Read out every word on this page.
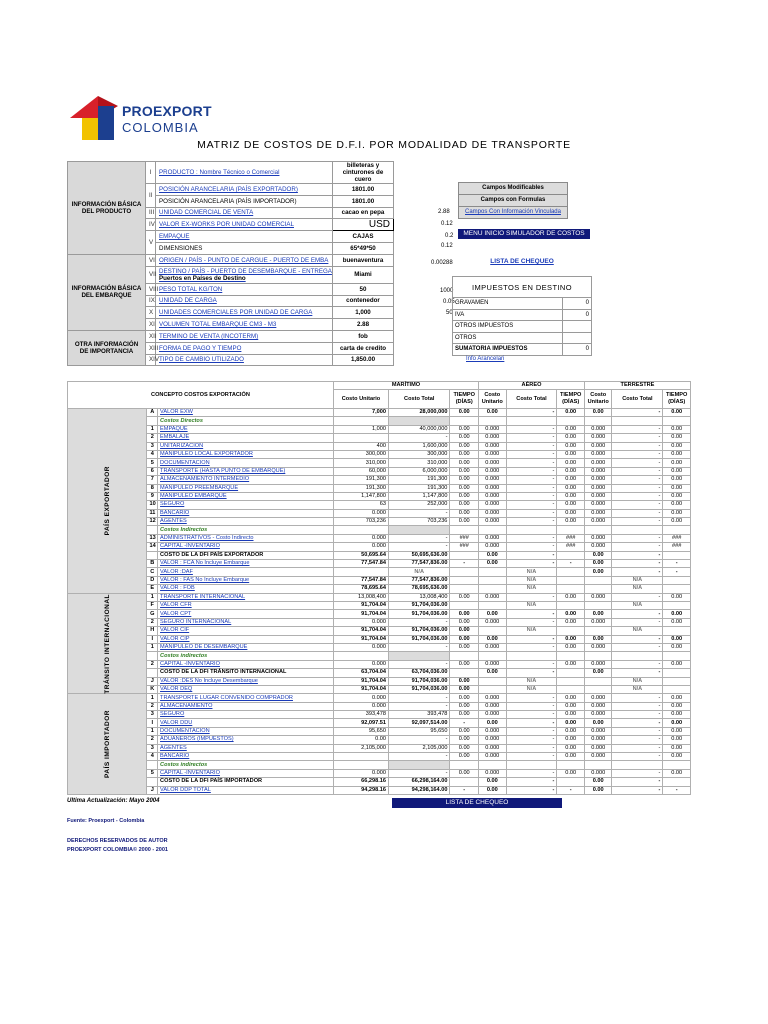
PROEXPORT
COLOMBIA
MATRIZ DE COSTOS DE D.F.I. POR MODALIDAD DE TRANSPORTE
INFORMACIÓN BÁSICA DEL PRODUCTO	I	PRODUCTO : Nombre Técnico o Comercial	billeteras y cinturones de cuero	
	II	POSICIÓN ARANCELARIA (PAÍS EXPORTADOR)	1801.00	
		POSICIÓN ARANCELARIA (PAÍS IMPORTADOR)	1801.00	
	III	UNIDAD COMERCIAL DE VENTA	cacao en pepa	
	IV	VALOR EX-WORKS POR UNIDAD COMERCIAL	USD	
	V	EMPAQUE	CAJAS	
		DIMENSIONES	65*49*50	
INFORMACIÓN BÁSICA DEL EMBARQUE	VI	ORIGEN / PAÍS - PUNTO DE CARGUE - PUERTO DE EMBA	buenaventura	
	VII	DESTINO / PAÍS - PUERTO DE DESEMBARQUE - ENTREGA
Puertos en Países de Destino	Miami	
	VIII	PESO TOTAL KG/TON	50	
	IX	UNIDAD DE CARGA	contenedor	
	X	UNIDADES COMERCIALES POR UNIDAD DE CARGA	1,000	
	XI	VOLUMEN TOTAL EMBARQUE CM3 - M3	2.88	
OTRA INFORMACIÓN DE IMPORTANCIA	XII	TERMINO DE VENTA (INCOTERM)	fob	
	XIII	FORMA DE PAGO Y TIEMPO	carta de credito	
	XIV	TIPO DE CAMBIO UTILIZADO	1,850.00	
Campos Modificables
Campos con Formulas
Campos Con Información Vinculada
2.88
0.12
0.2
0.12
MENU INICIO SIMULADOR DE COSTOS
0.00288	LISTA DE CHEQUEO
1000
0.05
50
IMPUESTOS EN DESTINO	
GRAVAMEN	0
IVA	0
OTROS IMPUESTOS	
OTROS	
SUMATORIA IMPUESTOS	0
Info Arancelari
CONCEPTO COSTOS EXPORTACIÓN			MARÍTIMO			AÉREO			TERRESTRE		
			Costo Unitario	Costo Total	TIEMPO (DÍAS)	Costo Unitario	Costo Total	TIEMPO (DÍAS)	Costo Unitario	Costo Total	TIEMPO (DÍAS)

PAÍS EXPORTADOR	A	VALOR EXW	7,000	28,000,000	0.00	0.00	-	0.00	0.00	-	0.00
		Costos Directos									
	1	EMPAQUE	1,000	40,000,000	0.00	0.000	-	0.00	0.000	-	0.00
	2	EMBALAJE		-	0.00	0.000	-	0.00	0.000	-	0.00
	3	UNITARIZACION	400	1,600,000	0.00	0.000	-	0.00	0.000	-	0.00
	4	MANIPULEO LOCAL EXPORTADOR	300,000	300,000	0.00	0.000	-	0.00	0.000	-	0.00
	5	DOCUMENTACION	310,000	310,000	0.00	0.000	-	0.00	0.000	-	0.00
	6	TRANSPORTE (HASTA PUNTO DE EMBARQUE)	60,000	6,000,000	0.00	0.000	-	0.00	0.000	-	0.00
	7	ALMACENAMIENTO INTERMEDIO	191,300	191,300	0.00	0.000	-	0.00	0.000	-	0.00
	8	MANIPULEO PREEMBARQUE	191,300	191,300	0.00	0.000	-	0.00	0.000	-	0.00
	9	MANIPULEO EMBARQUE	1,147,800	1,147,800	0.00	0.000	-	0.00	0.000	-	0.00
	10	SEGURO	63	252,000	0.00	0.000	-	0.00	0.000	-	0.00
	11	BANCARIO	0.000	-	0.00	0.000	-	0.00	0.000	-	0.00
	12	AGENTES	703,236	703,236	0.00	0.000	-	0.00	0.000	-	0.00
		Costos Indirectos									
	13	ADMINISTRATIVOS - Costo Indirecto	0.000	-	###	0.000	-	###	0.000	-	###
	14	CAPITAL -INVENTARIO	0.000	-	###	0.000	-	###	0.000	-	###
		COSTO DE LA DFI PAÍS EXPORTADOR	50,695.64	50,695,636.00		0.00	-		0.00	-	
	B	VALOR : FCA No Incluye Embarque	77,547.84	77,547,836.00	-	0.00	-	-	0.00	-	-
	C	VALOR :DAF		N/A			N/A		0.00	-	-
	D	VALOR : FAS No Incluye Embarque	77,547.84	77,547,836.00			N/A			N/A	
	E	VALOR : FOB	78,695.64	78,695,636.00			N/A			N/A	

TRÁNSITO INTERNACIONAL	1	TRANSPORTE INTERNACIONAL	13,008,400	13,008,400	0.00	0.000	-	0.00	0.000	-	0.00
	F	VALOR CFR	91,704.04	91,704,036.00			N/A			N/A	
	G	VALOR CPT	91,704.04	91,704,036.00	0.00	0.00	-	0.00	0.00	-	0.00
	2	SEGURO INTERNACIONAL	0.000	-	0.00	0.000	-	0.00	0.000	-	0.00
	H	VALOR CIF	91,704.04	91,704,036.00	0.00		N/A			N/A	
	I	VALOR CIP	91,704.04	91,704,036.00	0.00	0.00	-	0.00	0.00	-	0.00
	1	MANIPULEO DE DESEMBARQUE	0.000	-	0.00	0.000	-	0.00	0.000	-	0.00
		Costos indirectos									
	2	CAPITAL -INVENTARIO	0.000	-	0.00	0.000	-	0.00	0.000	-	0.00
		COSTO DE LA DFI TRÁNSITO INTERNACIONAL	63,704.04	63,704,036.00		0.00	-		0.00	-	
	J	VALOR :DES No Incluye Desembarque	91,704.04	91,704,036.00	0.00		N/A			N/A	
	K	VALOR DEQ	91,704.04	91,704,036.00	0.00		N/A			N/A	

PAÍS IMPORTADOR	1	TRANSPORTE LUGAR CONVENIDO COMPRADOR	0.000	-	0.00	0.000	-	0.00	0.000	-	0.00
	2	ALMACENAMIENTO	0.000	-	0.00	0.000	-	0.00	0.000	-	0.00
	3	SEGURO	393,478	393,478	0.00	0.000	-	0.00	0.000	-	0.00
	I	VALOR DDU	92,097.51	92,097,514.00	-	0.00	-	0.00	0.00	-	0.00
	1	DOCUMENTACION	95,650	95,650	0.00	0.000	-	0.00	0.000	-	0.00
	2	ADUANEROS (IMPUESTOS)	0.00	-	0.00	0.000	-	0.00	0.000	-	0.00
	3	AGENTES	2,105,000	2,105,000	0.00	0.000	-	0.00	0.000	-	0.00
	4	BANCARIO		-	0.00	0.000	-	0.00	0.000	-	0.00
		Costos indirectos									
	5	CAPITAL -INVENTARIO	0.000	-	0.00	0.000	-	0.00	0.000	-	0.00
		COSTO DE LA DFI PAÍS IMPORTADOR	66,298.16	66,298,164.00		0.00	-		0.00	-	
	J	VALOR DDP TOTAL	94,298.16	94,298,164.00	-	0.00	-	-	0.00	-	-
LISTA DE CHEQUEO
Ultima Actualización: Mayo 2004
Fuente: Proexport - Colombia
DERECHOS RESERVADOS DE AUTOR
PROEXPORT COLOMBIA© 2000 - 2001
